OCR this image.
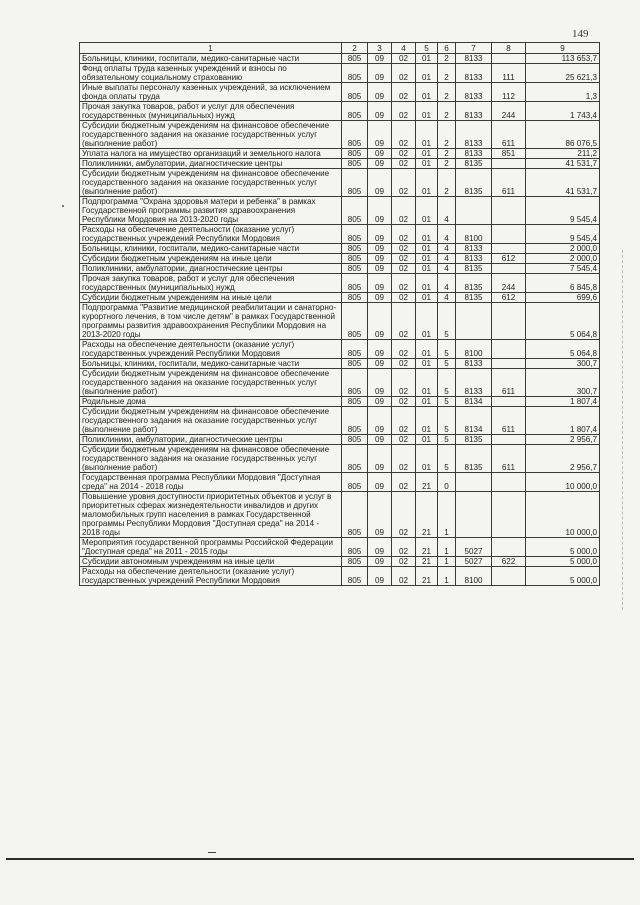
149
1	2	3	4	5	6	7	8	9
Больницы, клиники, госпитали, медико-санитарные части	805	09	02	01	2	8133		113 653,7
Фонд оплаты труда казенных учреждений и взносы по обязательному социальному страхованию	805	09	02	01	2	8133	111	25 621,3
Иные выплаты персоналу казенных учреждений, за исключением фонда оплаты труда	805	09	02	01	2	8133	112	1,3
Прочая закупка товаров, работ и услуг для обеспечения государственных (муниципальных) нужд	805	09	02	01	2	8133	244	1 743,4
Субсидии бюджетным учреждениям на финансовое обеспечение государственного задания на оказание государственных услуг (выполнение работ)	805	09	02	01	2	8133	611	86 076,5
Уплата налога на имущество организаций и земельного налога	805	09	02	01	2	8133	851	211,2
Поликлиники, амбулатории, диагностические центры	805	09	02	01	2	8135		41 531,7
Субсидии бюджетным учреждениям на финансовое обеспечение государственного задания на оказание государственных услуг (выполнение работ)	805	09	02	01	2	8135	611	41 531,7
Подпрограмма "Охрана здоровья матери и ребенка" в рамках Государственной программы развития здравоохранения Республики Мордовия на 2013-2020 годы	805	09	02	01	4			9 545,4
Расходы на обеспечение деятельности (оказание услуг) государственных учреждений Республики Мордовия	805	09	02	01	4	8100		9 545,4
Больницы, клиники, госпитали, медико-санитарные части	805	09	02	01	4	8133		2 000,0
Субсидии бюджетным учреждениям на иные цели	805	09	02	01	4	8133	612	2 000,0
Поликлиники, амбулатории, диагностические центры	805	09	02	01	4	8135		7 545,4
Прочая закупка товаров, работ и услуг для обеспечения государственных (муниципальных) нужд	805	09	02	01	4	8135	244	6 845,8
Субсидии бюджетным учреждениям на иные цели	805	09	02	01	4	8135	612	699,6
Подпрограмма "Развитие медицинской реабилитации и санаторно-курортного лечения, в том числе детям" в рамках Государственной программы развития здравоохранения Республики Мордовия на 2013-2020 годы	805	09	02	01	5			5 064,8
Расходы на обеспечение деятельности (оказание услуг) государственных учреждений Республики Мордовия	805	09	02	01	5	8100		5 064,8
Больницы, клиники, госпитали, медико-санитарные части	805	09	02	01	5	8133		300,7
Субсидии бюджетным учреждениям на финансовое обеспечение государственного задания на оказание государственных услуг (выполнение работ)	805	09	02	01	5	8133	611	300,7
Родильные дома	805	09	02	01	5	8134		1 807,4
Субсидии бюджетным учреждениям на финансовое обеспечение государственного задания на оказание государственных услуг (выполнение работ)	805	09	02	01	5	8134	611	1 807,4
Поликлиники, амбулатории, диагностические центры	805	09	02	01	5	8135		2 956,7
Субсидии бюджетным учреждениям на финансовое обеспечение государственного задания на оказание государственных услуг (выполнение работ)	805	09	02	01	5	8135	611	2 956,7
Государственная программа Республики Мордовия "Доступная среда" на 2014 - 2018 годы	805	09	02	21	0			10 000,0
Повышение уровня доступности приоритетных объектов и услуг в приоритетных сферах жизнедеятельности инвалидов и других маломобильных групп населения в рамках Государственной программы Республики Мордовия "Доступная среда" на 2014 - 2018 годы	805	09	02	21	1			10 000,0
Мероприятия государственной программы Российской Федерации "Доступная среда" на 2011 - 2015 годы	805	09	02	21	1	5027		5 000,0
Субсидии автономным учреждениям на иные цели	805	09	02	21	1	5027	622	5 000,0
Расходы на обеспечение деятельности (оказание услуг) государственных учреждений Республики Мордовия	805	09	02	21	1	8100		5 000,0
